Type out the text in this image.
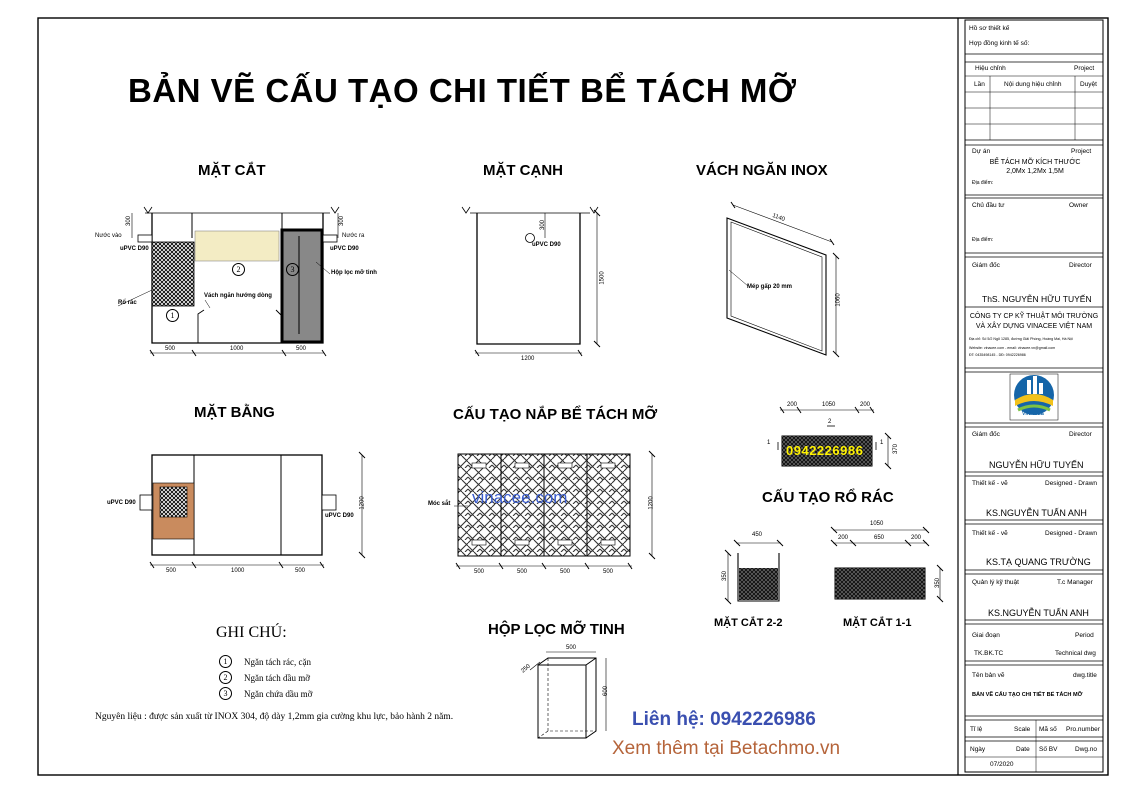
BẢN VẼ CẤU TẠO CHI TIẾT BỂ TÁCH MỠ
MẶT CẮT
Nước vào	Nước ra
uPVC D90	uPVC D90
Rổ rác
Vách ngăn hướng dòng
Hộp lọc mỡ tinh
300	300
500	1000	500
1
2	3
MẶT CẠNH
uPVC D90
300
1500
1200
VÁCH NGĂN INOX
1140
1060
Mép gấp 20 mm
MẶT BẰNG
uPVC D90
uPVC D90
1200
500	1000	500
CẤU TẠO NẮP BỂ TÁCH MỠ
Móc sắt	1200
500	500	500	500
vinacee.com
200	1050	200
370
1	1
2
0942226986
CẤU TẠO RỔ RÁC
450
350
MẶT CẮT 2-2
1050
200	650	200
350
MẶT CẮT 1-1
HỘP LỌC MỠ TINH
500
250
600
GHI CHÚ:
1	Ngăn tách rác, cặn
2	Ngăn tách dầu mỡ
3	Ngăn chứa dầu mỡ
Nguyên liệu : được sản xuất từ INOX 304, độ dày 1,2mm gia cường khu lực, bảo hành 2 năm.	Liên hệ: 0942226986
Xem thêm tại Betachmo.vn
Hồ sơ thiết kế
Hợp đồng kinh tế số:
Hiệu chỉnh	Project
Lần	Nội dung hiệu chỉnh	Duyệt
Dự án	Project
BỂ TÁCH MỠ KÍCH THƯỚC
2,0Mx 1,2Mx 1,5M
Địa điểm:
Chủ đầu tư	Owner
Địa điểm:
Giám đốc	Director
ThS. NGUYỄN HỮU TUYẾN
CÔNG TY CP KỸ THUẬT MÔI TRƯỜNG
VÀ XÂY DỰNG VINACEE VIỆT NAM
Địa chỉ: Số 5/2 Ngõ 1285, đường Giải Phóng, Hoàng Mai, Hà Nội
Website: vinacee.com - email: vinacee.vn@gmail.com
ĐT: 0435498145 - DĐ: 0942226986
VINACEE
Giám đốc	Director
NGUYỄN HỮU TUYẾN
Thiết kế - vẽ	Designed - Drawn
KS.NGUYỄN TUẤN ANH
Thiết kế - vẽ	Designed - Drawn
KS.TẠ QUANG TRƯỜNG
Quản lý kỹ thuật	T.c Manager
KS.NGUYỄN TUẤN ANH
Giai đoạn	Period
TK.BK.TC	Technical dwg
Tên bản vẽ	dwg.title
BẢN VẼ CẤU TẠO CHI TIẾT BỂ TÁCH MỠ
Tỉ lệ	Scale Mã số Pro.number
Ngày	Date Số BV	Dwg.no
07/2020
